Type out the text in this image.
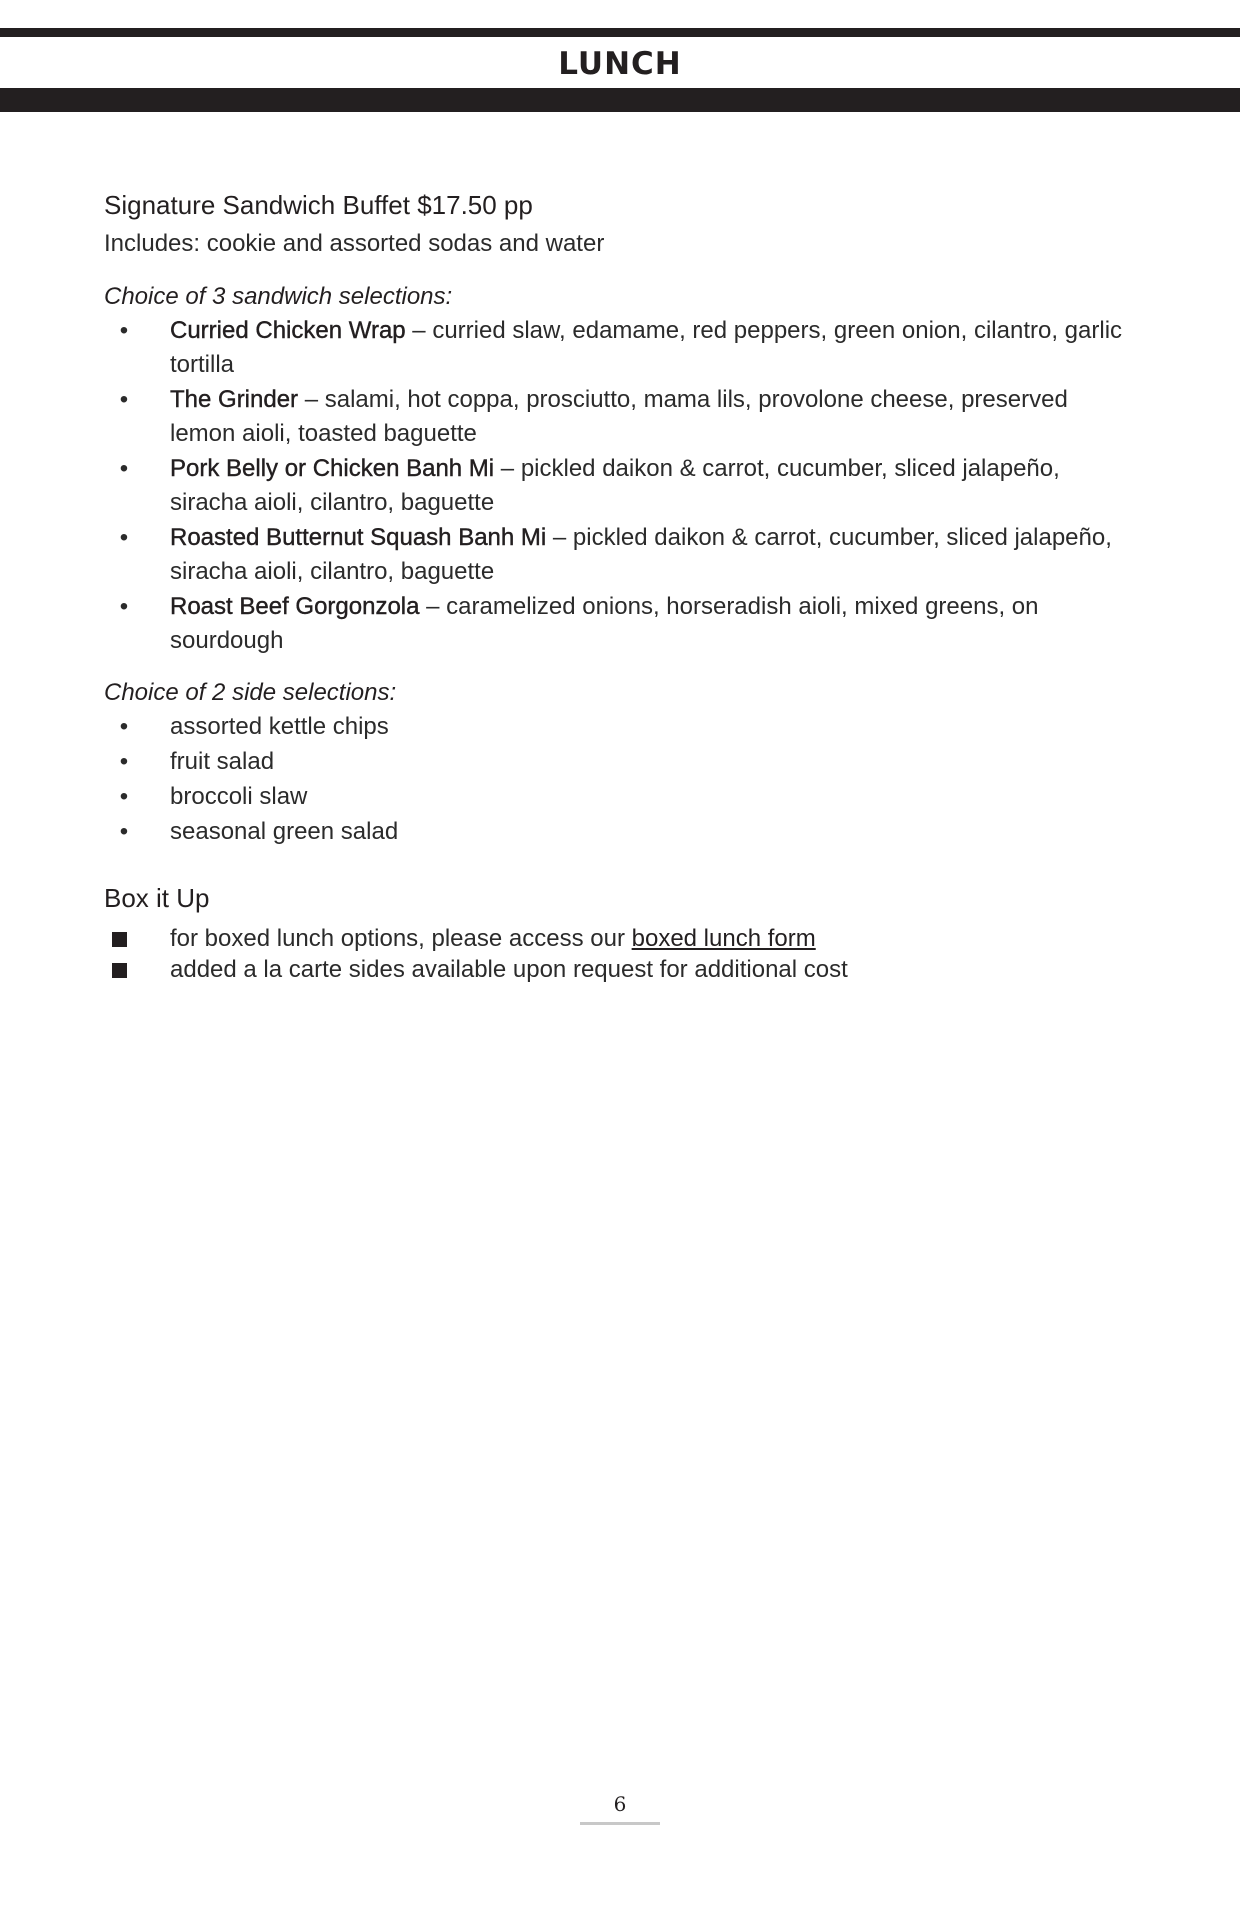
LUNCH

Signature Sandwich Buffet $17.50 pp

Includes: cookie and assorted sodas and water

Choice of 3 sandwich selections:

• Curried Chicken Wrap – curried slaw, edamame, red peppers, green onion, cilantro, garlic tortilla
• The Grinder – salami, hot coppa, prosciutto, mama lils, provolone cheese, preserved lemon aioli, toasted baguette
• Pork Belly or Chicken Banh Mi – pickled daikon & carrot, cucumber, sliced jalapeño, siracha aioli, cilantro, baguette
• Roasted Butternut Squash Banh Mi – pickled daikon & carrot, cucumber, sliced jalapeño, siracha aioli, cilantro, baguette
• Roast Beef Gorgonzola – caramelized onions, horseradish aioli, mixed greens, on sourdough

Choice of 2 side selections:

• assorted kettle chips
• fruit salad
• broccoli slaw
• seasonal green salad

Box it Up

for boxed lunch options, please access our boxed lunch form
added a la carte sides available upon request for additional cost
6
